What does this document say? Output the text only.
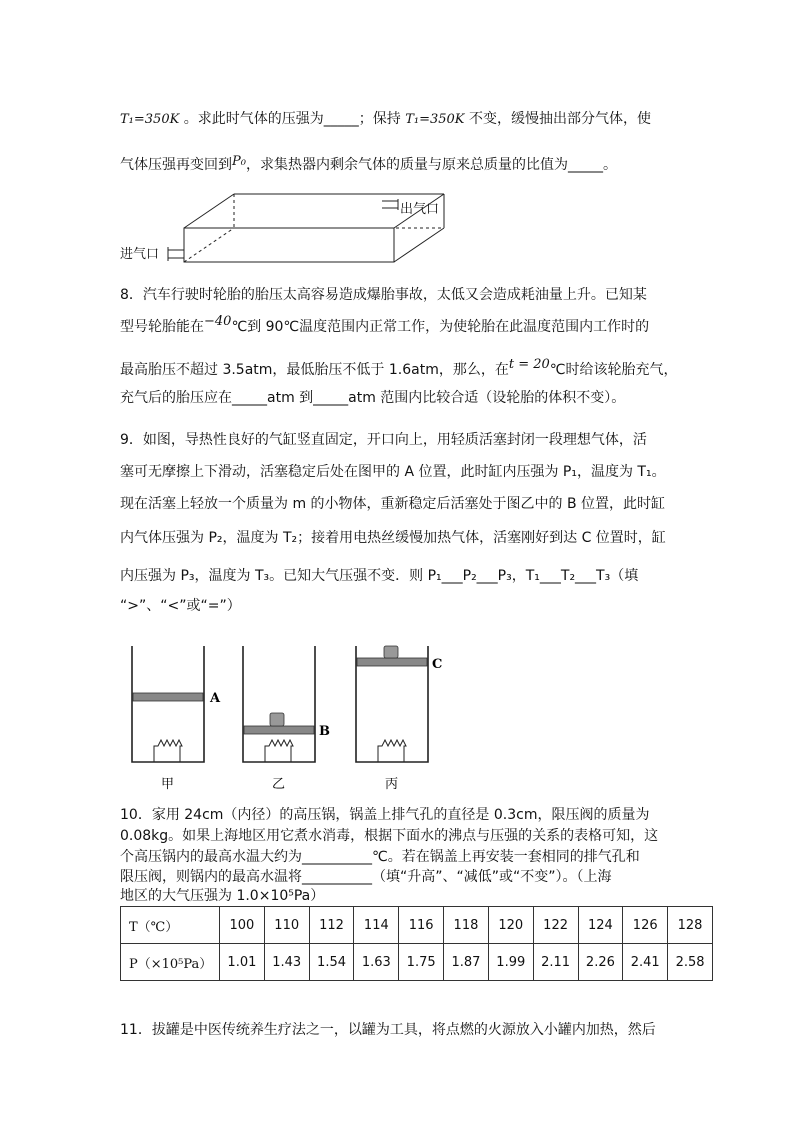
T₁=350K 。求此时气体的压强为_____；保持 T₁=350K 不变，缓慢抽出部分气体，使
气体压强再变回到P₀，求集热器内剩余气体的质量与原来总质量的比值为_____。
出气口
进气口
8．汽车行驶时轮胎的胎压太高容易造成爆胎事故，太低又会造成耗油量上升。已知某
型号轮胎能在−40℃到 90℃温度范围内正常工作，为使轮胎在此温度范围内工作时的
最高胎压不超过 3.5atm，最低胎压不低于 1.6atm，那么，在t = 20℃时给该轮胎充气，
充气后的胎压应在_____atm 到_____atm 范围内比较合适（设轮胎的体积不变）。
9．如图，导热性良好的气缸竖直固定，开口向上，用轻质活塞封闭一段理想气体，活
塞可无摩擦上下滑动，活塞稳定后处在图甲的 A 位置，此时缸内压强为 P₁，温度为 T₁。
现在活塞上轻放一个质量为 m 的小物体，重新稳定后活塞处于图乙中的 B 位置，此时缸
内气体压强为 P₂，温度为 T₂；接着用电热丝缓慢加热气体，活塞刚好到达 C 位置时，缸
内压强为 P₃，温度为 T₃。已知大气压强不变．则 P₁___P₂___P₃，T₁___T₂___T₃（填
“>”、“<”或“=”）
A
B
C
甲	乙	丙
10．家用 24cm（内径）的高压锅，锅盖上排气孔的直径是 0.3cm，限压阀的质量为
0.08kg。如果上海地区用它煮水消毒，根据下面水的沸点与压强的关系的表格可知，这
个高压锅内的最高水温大约为__________℃。若在锅盖上再安装一套相同的排气孔和
限压阀，则锅内的最高水温将__________（填“升高”、“减低”或“不变”）。（上海
地区的大气压强为 1.0×10⁵Pa）
T（℃）	100	110	112	114	116	118	120	122	124	126	128
P（×10⁵Pa）	1.01	1.43	1.54	1.63	1.75	1.87	1.99	2.11	2.26	2.41	2.58
11．拔罐是中医传统养生疗法之一，以罐为工具，将点燃的火源放入小罐内加热，然后
